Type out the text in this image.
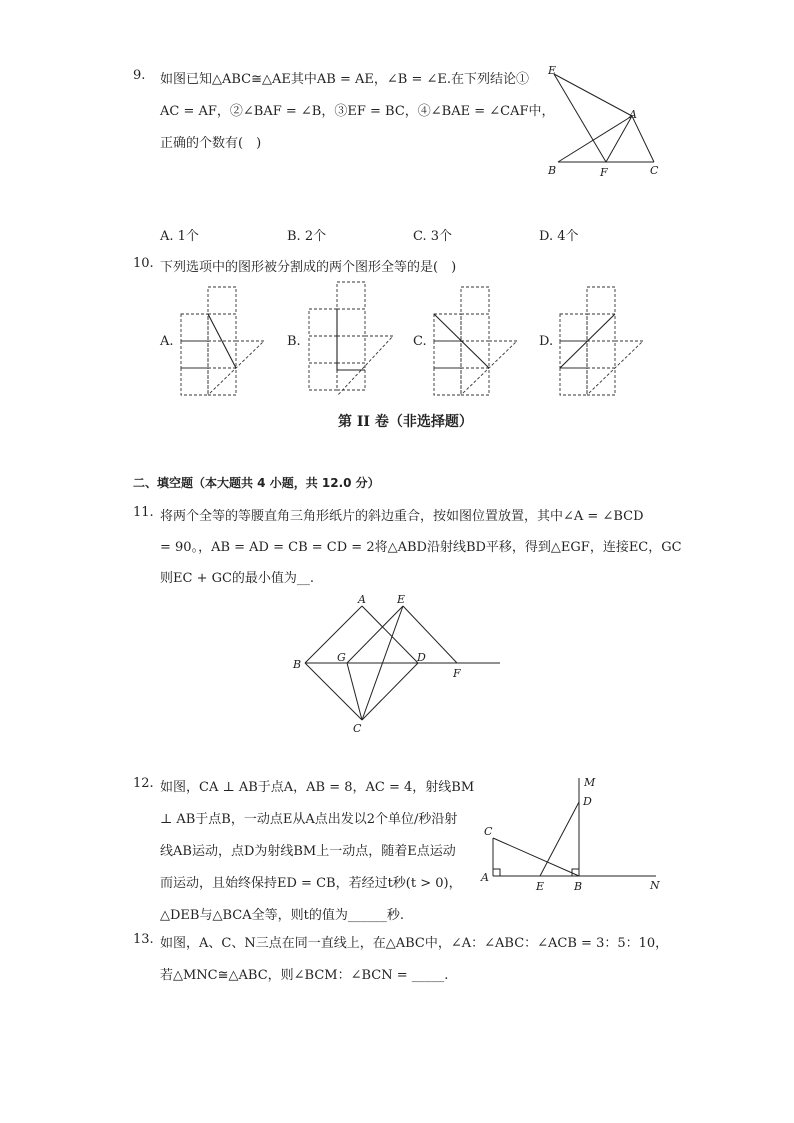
9. 如图已知△ABC≅△AE其中AB = AE，∠B = ∠E.在下列结论①
AC = AF，②∠BAF = ∠B，③EF = BC，④∠BAE = ∠CAF中，
正确的个数有(　)
E
A
B	F	C
A. 1个	B. 2个	C. 3个	D. 4个
10. 下列选项中的图形被分割成的两个图形全等的是(　)
A.	B.	C.	D.
第 II 卷（非选择题）
二、填空题（本大题共 4 小题，共 12.0 分）
11. 将两个全等的等腰直角三角形纸片的斜边重合，按如图位置放置，其中∠A = ∠BCD
= 90。，AB = AD = CB = CD = 2将△ABD沿射线BD平移，得到△EGF，连接EC，GC
则EC + GC的最小值为__.
A	E
B
G	D
F
C
12. 如图，CA ⊥ AB于点A，AB = 8，AC = 4，射线BM
⊥ AB于点B，一动点E从A点出发以2个单位/秒沿射
线AB运动，点D为射线BM上一动点，随着E点运动
而运动，且始终保持ED = CB，若经过t秒(t > 0)，
△DEB与△BCA全等，则t的值为______秒.
M
D
C
A
E	B	N
13. 如图，A、C、N三点在同一直线上，在△ABC中，∠A：∠ABC：∠ACB = 3：5：10，
若△MNC≅△ABC，则∠BCM：∠BCN = _____.
